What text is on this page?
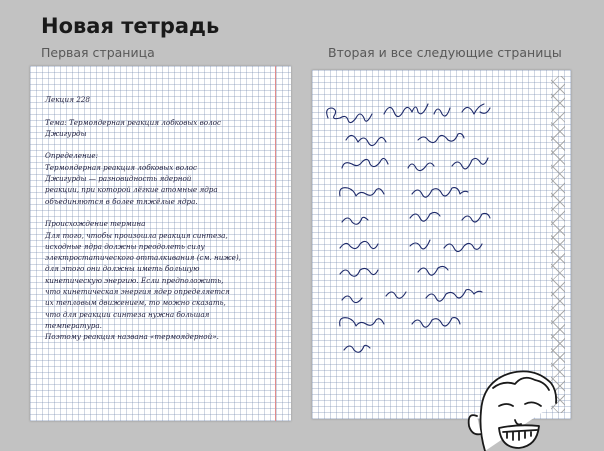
Новая тетрадь
Первая страница	Вторая и все следующие страницы
Лекция 228
Тема: Термоядерная реакция лобковых волос
Джигурды
Определение:
Термоядерная реакция лобковых волос
Джигурды — разновидность ядерной
реакции, при которой лёгкие атомные ядра
объединяются в более тяжёлые ядра.
Происхождение термина
Для того, чтобы произошла реакция синтеза,
исходные ядра должны преодолеть силу
электростатического отталкивания (см. ниже),
для этого они должны иметь большую
кинетическую энергию. Если предположить,
что кинетическая энергия ядер определяется
их тепловым движением, то можно сказать,
что для реакции синтеза нужна большая
температура.
Поэтому реакция названа «термоядерной».
